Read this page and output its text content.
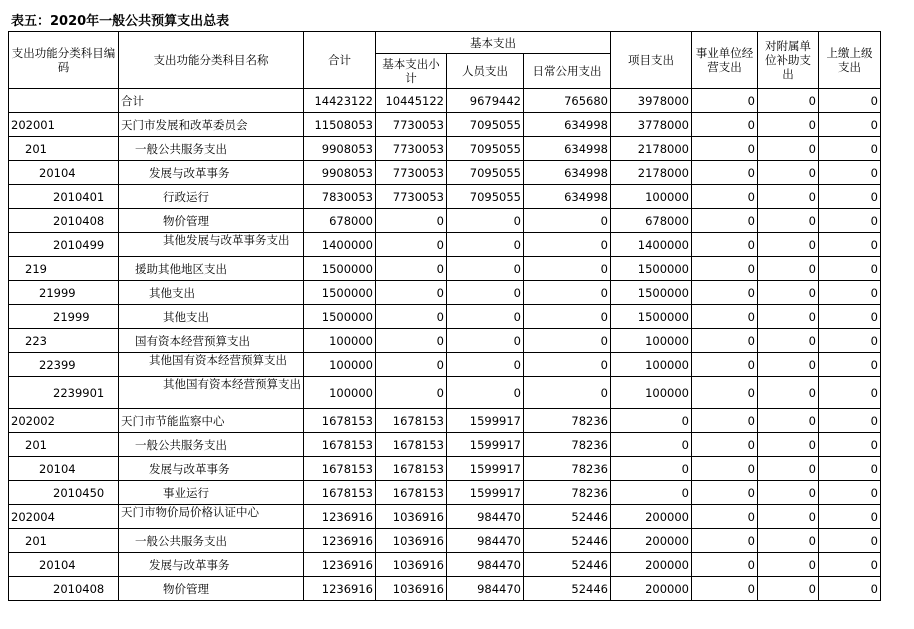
表五：2020年一般公共预算支出总表
支出功能分类科目编码	支出功能分类科目名称	合计	基本支出			项目支出	事业单位经营支出	对附属单位补助支出	上缴上级支出
			基本支出小计	人员支出	日常公用支出				
	合计	14423122	10445122	9679442	765680	3978000	0	0	0
202001	天门市发展和改革委员会	11508053	7730053	7095055	634998	3778000	0	0	0
201	一般公共服务支出	9908053	7730053	7095055	634998	2178000	0	0	0
20104	发展与改革事务	9908053	7730053	7095055	634998	2178000	0	0	0
2010401	行政运行	7830053	7730053	7095055	634998	100000	0	0	0
2010408	物价管理	678000	0	0	0	678000	0	0	0
2010499	其他发展与改革事务支出	1400000	0	0	0	1400000	0	0	0
219	援助其他地区支出	1500000	0	0	0	1500000	0	0	0
21999	其他支出	1500000	0	0	0	1500000	0	0	0
21999	其他支出	1500000	0	0	0	1500000	0	0	0
223	国有资本经营预算支出	100000	0	0	0	100000	0	0	0
22399	其他国有资本经营预算支出	100000	0	0	0	100000	0	0	0
2239901	其他国有资本经营预算支出	100000	0	0	0	100000	0	0	0
202002	天门市节能监察中心	1678153	1678153	1599917	78236	0	0	0	0
201	一般公共服务支出	1678153	1678153	1599917	78236	0	0	0	0
20104	发展与改革事务	1678153	1678153	1599917	78236	0	0	0	0
2010450	事业运行	1678153	1678153	1599917	78236	0	0	0	0
202004	天门市物价局价格认证中心	1236916	1036916	984470	52446	200000	0	0	0
201	一般公共服务支出	1236916	1036916	984470	52446	200000	0	0	0
20104	发展与改革事务	1236916	1036916	984470	52446	200000	0	0	0
2010408	物价管理	1236916	1036916	984470	52446	200000	0	0	0
